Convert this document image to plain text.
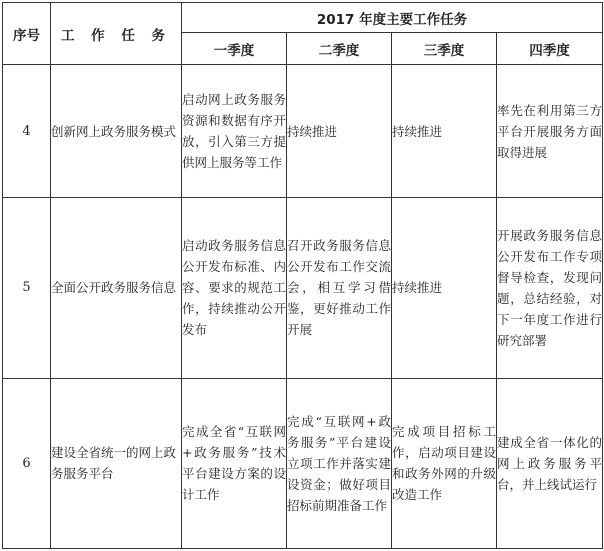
序号	工 作 任 务	2017 年度主要工作任务			
		一季度	二季度	三季度	四季度
4	创新网上政务服务模式	启动网上政务服务资源和数据有序开放，引入第三方提供网上服务等工作	持续推进	持续推进	率先在利用第三方平台开展服务方面取得进展
5	全面公开政务服务信息	启动政务服务信息公开发布标准、内容、要求的规范工作，持续推动公开发布	召开政务服务信息公开发布工作交流会，相互学习借鉴，更好推动工作开展	持续推进	开展政务服务信息公开发布工作专项督导检查，发现问题，总结经验，对下一年度工作进行研究部署
6	建设全省统一的网上政务服务平台	完成全省“互联网+政务服务”技术平台建设方案的设计工作	完成“互联网+政务服务”平台建设立项工作并落实建设资金；做好项目招标前期准备工作	完成项目招标工作，启动项目建设和政务外网的升级改造工作	建成全省一体化的网上政务服务平台，并上线试运行
